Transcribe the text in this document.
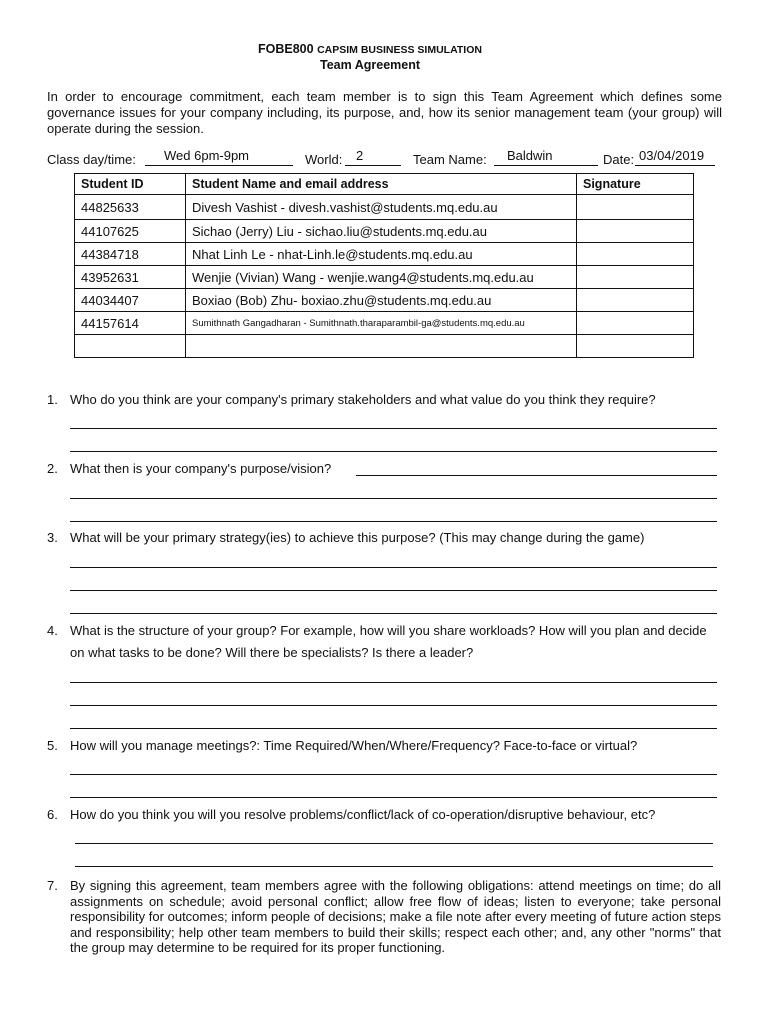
FOBE800 CAPSIM BUSINESS SIMULATION
Team Agreement
In order to encourage commitment, each team member is to sign this Team Agreement which defines some governance issues for your company including, its purpose, and, how its senior management team (your group) will operate during the session.
Class day/time: Wed 6pm-9pm	World: 2	Team Name: Baldwin	Date: 03/04/2019
Student ID	Student Name and email address	Signature
44825633	Divesh Vashist - divesh.vashist@students.mq.edu.au	
44107625	Sichao (Jerry) Liu - sichao.liu@students.mq.edu.au	
44384718	Nhat Linh Le - nhat-Linh.le@students.mq.edu.au	
43952631	Wenjie (Vivian) Wang - wenjie.wang4@students.mq.edu.au	
44034407	Boxiao (Bob) Zhu- boxiao.zhu@students.mq.edu.au	
44157614	Sumithnath Gangadharan - Sumithnath.tharaparambil-ga@students.mq.edu.au	

1. Who do you think are your company's primary stakeholders and what value do you think they require?
2. What then is your company's purpose/vision?
3. What will be your primary strategy(ies) to achieve this purpose? (This may change during the game)
4. What is the structure of your group? For example, how will you share workloads? How will you plan and decide on what tasks to be done? Will there be specialists? Is there a leader?
5. How will you manage meetings?: Time Required/When/Where/Frequency? Face-to-face or virtual?
6. How do you think you will you resolve problems/conflict/lack of co-operation/disruptive behaviour, etc?
7. By signing this agreement, team members agree with the following obligations: attend meetings on time; do all assignments on schedule; avoid personal conflict; allow free flow of ideas; listen to everyone; take personal responsibility for outcomes; inform people of decisions; make a file note after every meeting of future action steps and responsibility; help other team members to build their skills; respect each other; and, any other "norms" that the group may determine to be required for its proper functioning.
